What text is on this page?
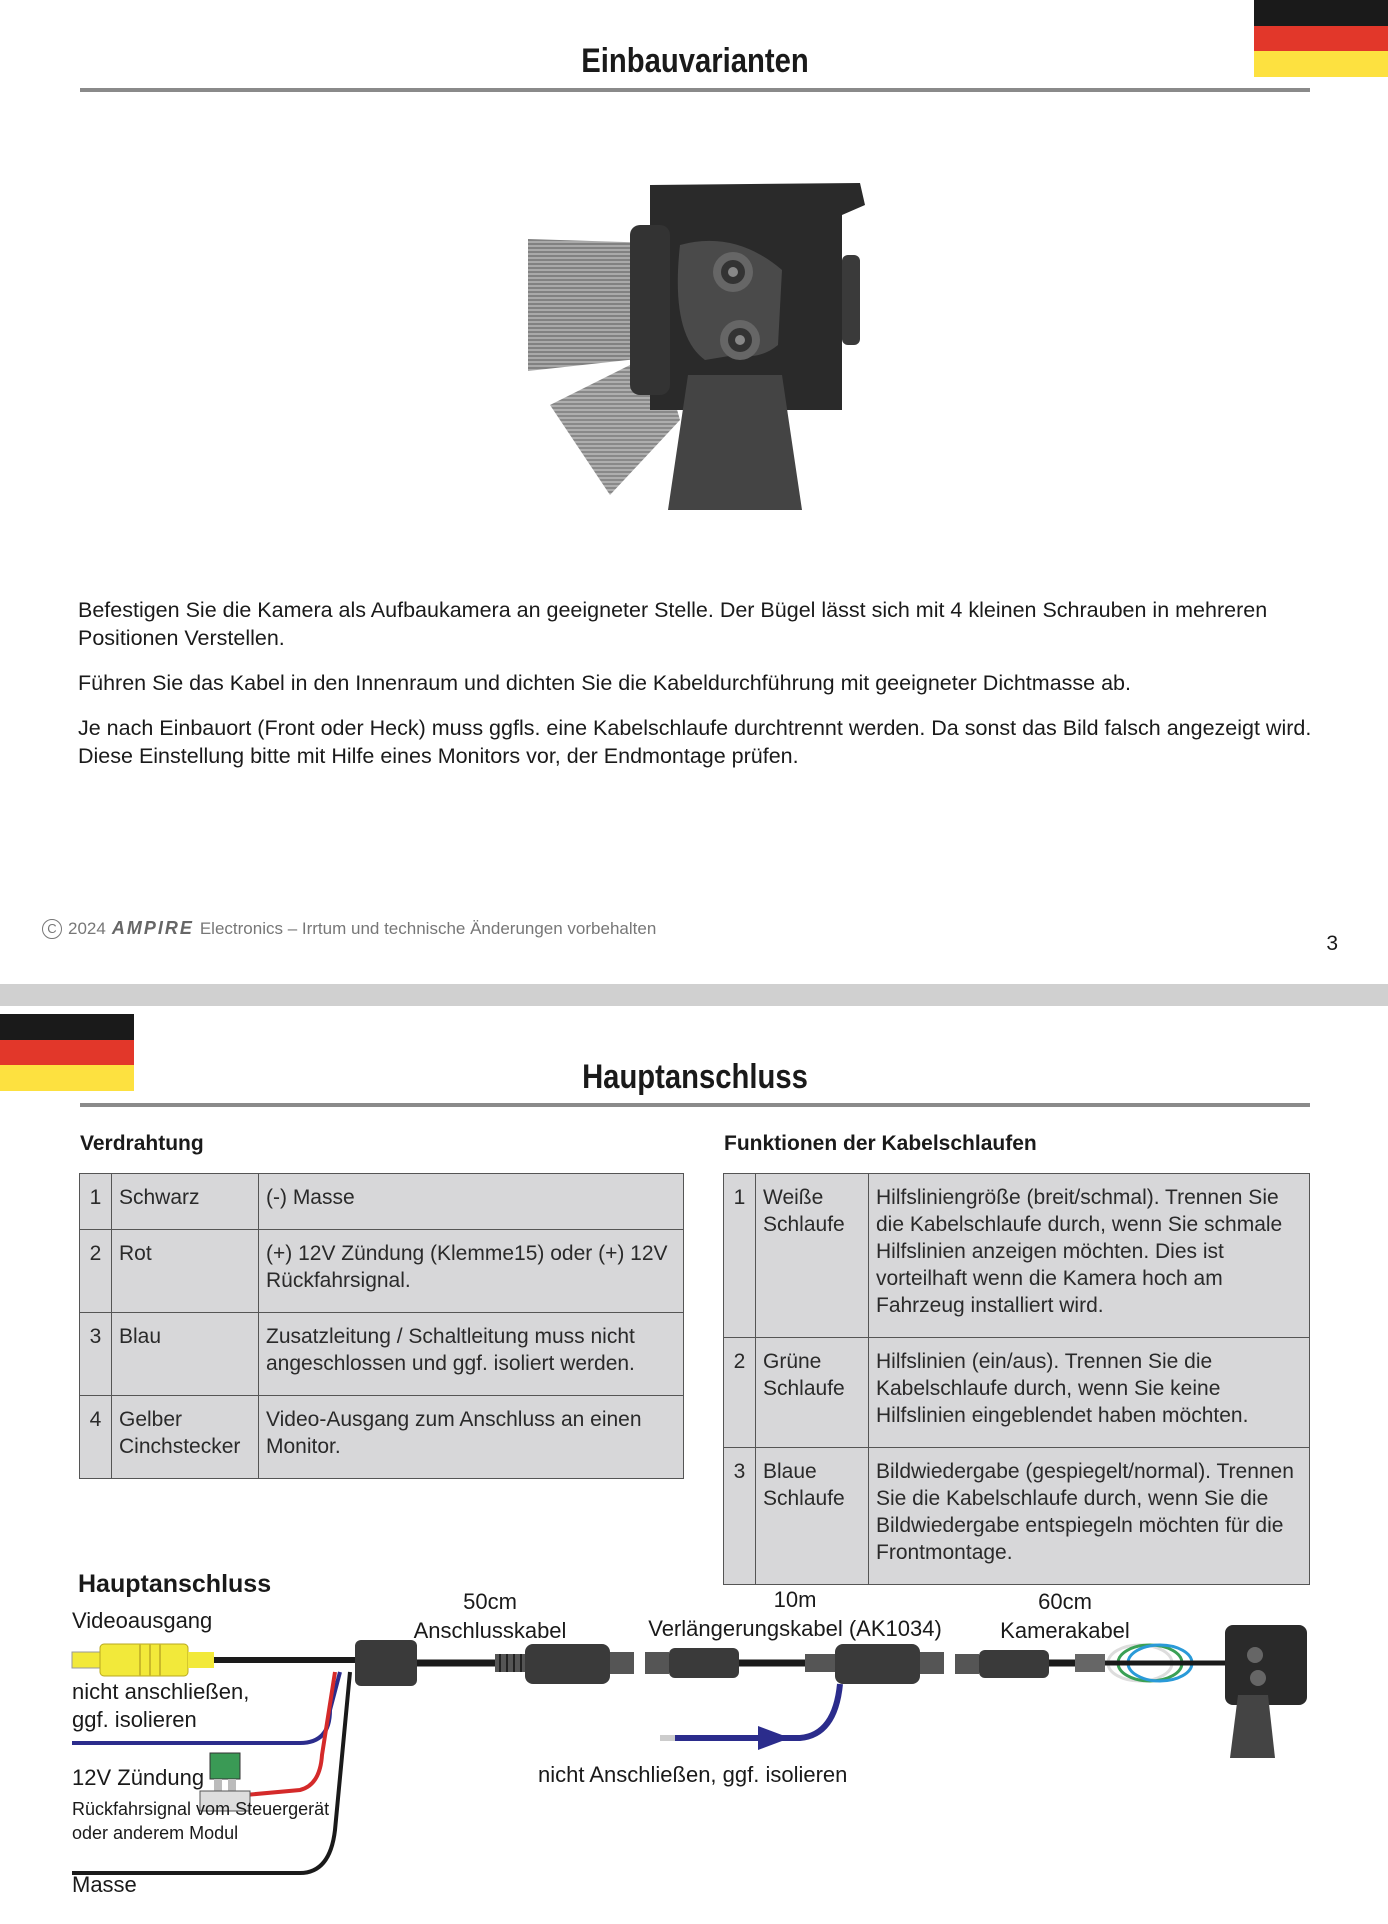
Einbauvarianten
Befestigen Sie die Kamera als Aufbaukamera an geeigneter Stelle. Der Bügel lässt sich mit 4 kleinen Schrauben in mehreren Positionen Verstellen.
Führen Sie das Kabel in den Innenraum und dichten Sie die Kabeldurchführung mit geeigneter Dichtmasse ab.
Je nach Einbauort (Front oder Heck) muss ggfls. eine Kabelschlaufe durchtrennt werden. Da sonst das Bild falsch angezeigt wird. Diese Einstellung bitte mit Hilfe eines Monitors vor, der Endmontage prüfen.
C 2024 AMPIRE Electronics – Irrtum und technische Änderungen vorbehalten
3
Hauptanschluss
Verdrahtung	Funktionen der Kabelschlaufen
1	Schwarz	(-) Masse
2	Rot	(+) 12V Zündung (Klemme15) oder (+) 12V Rückfahrsignal.
3	Blau	Zusatzleitung / Schaltleitung muss nicht angeschlossen und ggf. isoliert werden.
4	Gelber Cinchstecker	Video-Ausgang zum Anschluss an einen Monitor.
1	Weiße Schlaufe	Hilfsliniengröße (breit/schmal). Trennen Sie die Kabelschlaufe durch, wenn Sie schmale Hilfslinien anzeigen möchten. Dies ist vorteilhaft wenn die Kamera hoch am Fahrzeug installiert wird.
2	Grüne Schlaufe	Hilfslinien (ein/aus). Trennen Sie die Kabelschlaufe durch, wenn Sie keine Hilfslinien eingeblendet haben möchten.
3	Blaue Schlaufe	Bildwiedergabe (gespiegelt/normal). Trennen Sie die Kabelschlaufe durch, wenn Sie die Bildwiedergabe entspiegeln möchten für die Frontmontage.
Hauptanschluss
Videoausgang
nicht anschließen, ggf. isolieren
12V Zündung
Rückfahrsignal vom Steuergerät oder anderem Modul
Masse
50cm
Anschlusskabel
10m
Verlängerungskabel (AK1034)
60cm
Kamerakabel
nicht Anschließen, ggf. isolieren
